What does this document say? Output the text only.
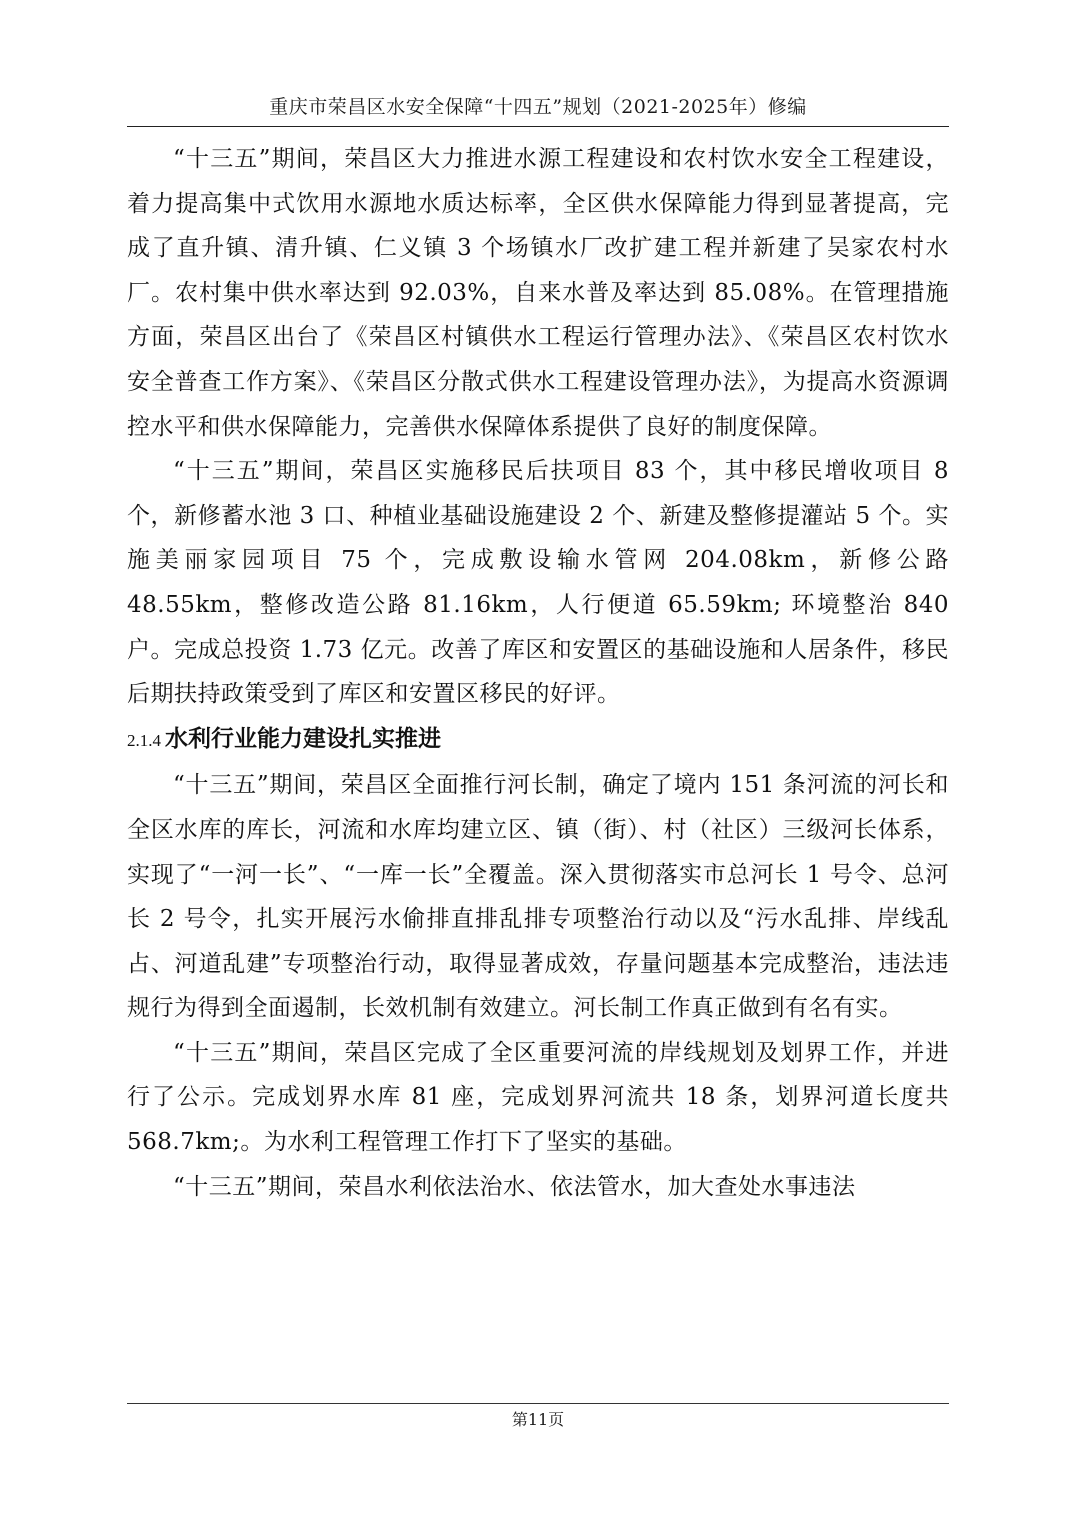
重庆市荣昌区水安全保障“十四五”规划（2021-2025年）修编

“十三五”期间，荣昌区大力推进水源工程建设和农村饮水安全工程建设，着力提高集中式饮用水源地水质达标率，全区供水保障能力得到显著提高，完成了直升镇、清升镇、仁义镇 3 个场镇水厂改扩建工程并新建了吴家农村水厂。农村集中供水率达到 92.03%，自来水普及率达到 85.08%。在管理措施方面，荣昌区出台了《荣昌区村镇供水工程运行管理办法》、《荣昌区农村饮水安全普查工作方案》、《荣昌区分散式供水工程建设管理办法》，为提高水资源调控水平和供水保障能力，完善供水保障体系提供了良好的制度保障。

“十三五”期间，荣昌区实施移民后扶项目 83 个，其中移民增收项目 8 个，新修蓄水池 3 口、种植业基础设施建设 2 个、新建及整修提灌站 5 个。实施美丽家园项目 75 个，完成敷设输水管网 204.08km，新修公路 48.55km，整修改造公路 81.16km，人行便道 65.59km; 环境整治 840 户。完成总投资 1.73 亿元。改善了库区和安置区的基础设施和人居条件，移民后期扶持政策受到了库区和安置区移民的好评。

2.1.4 水利行业能力建设扎实推进

“十三五”期间，荣昌区全面推行河长制，确定了境内 151 条河流的河长和全区水库的库长，河流和水库均建立区、镇（街）、村（社区）三级河长体系，实现了“一河一长”、“一库一长”全覆盖。深入贯彻落实市总河长 1 号令、总河长 2 号令，扎实开展污水偷排直排乱排专项整治行动以及“污水乱排、岸线乱占、河道乱建”专项整治行动，取得显著成效，存量问题基本完成整治，违法违规行为得到全面遏制，长效机制有效建立。河长制工作真正做到有名有实。

“十三五”期间，荣昌区完成了全区重要河流的岸线规划及划界工作，并进行了公示。完成划界水库 81 座，完成划界河流共 18 条，划界河道长度共 568.7km;。为水利工程管理工作打下了坚实的基础。

“十三五”期间，荣昌水利依法治水、依法管水，加大查处水事违法

第11页
